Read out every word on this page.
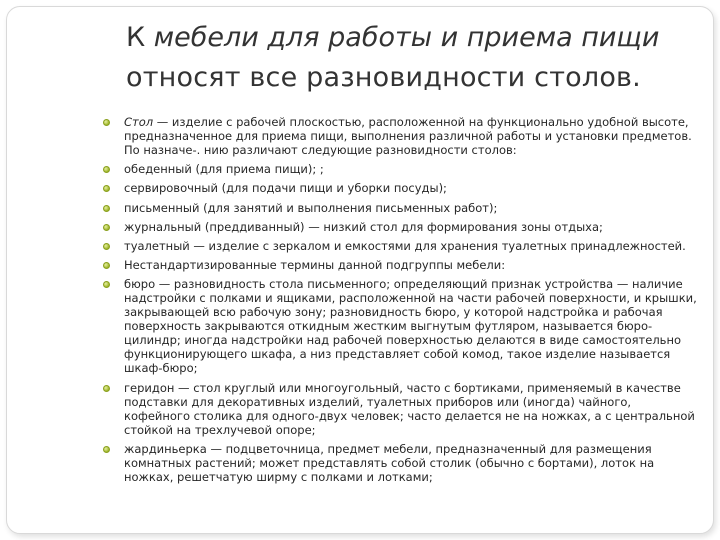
К мебели для работы и приема пищи
относят все разновидности столов.
Стол — изделие с рабочей плоскостью, расположенной на функционально удобной высоте, предназначенное для приема пищи, выполнения различной работы и установки предметов. По назначе-. нию различают следующие разновидности столов:
обеденный (для приема пищи); ;
сервировочный (для подачи пищи и уборки посуды);
письменный (для занятий и выполнения письменных работ);
журнальный (преддиванный) — низкий стол для формирования зоны отдыха;
туалетный — изделие с зеркалом и емкостями для хранения туалетных принадлежностей.
Нестандартизированные термины данной подгруппы мебели:
бюро — разновидность стола письменного; определяющий признак устройства — наличие надстройки с полками и ящиками, расположенной на части рабочей поверхности, и крышки, закрывающей всю рабочую зону; разновидность бюро, у которой надстройка и рабочая поверхность закрываются откидным жестким выгнутым футляром, называется бюро-цилиндр; иногда надстройки над рабочей поверхностью делаются в виде самостоятельно функционирующего шкафа, а низ представляет собой комод, такое изделие называется шкаф-бюро;
геридон — стол круглый или многоугольный, часто с бортиками, применяемый в качестве подставки для декоративных изделий, туалетных приборов или (иногда) чайного, кофейного столика для одного-двух человек; часто делается не на ножках, а с центральной стойкой на трехлучевой опоре;
жардиньерка — подцветочница, предмет мебели, предназначенный для размещения комнатных растений; может представлять собой столик (обычно с бортами), лоток на ножках, решетчатую ширму с полками и лотками;
